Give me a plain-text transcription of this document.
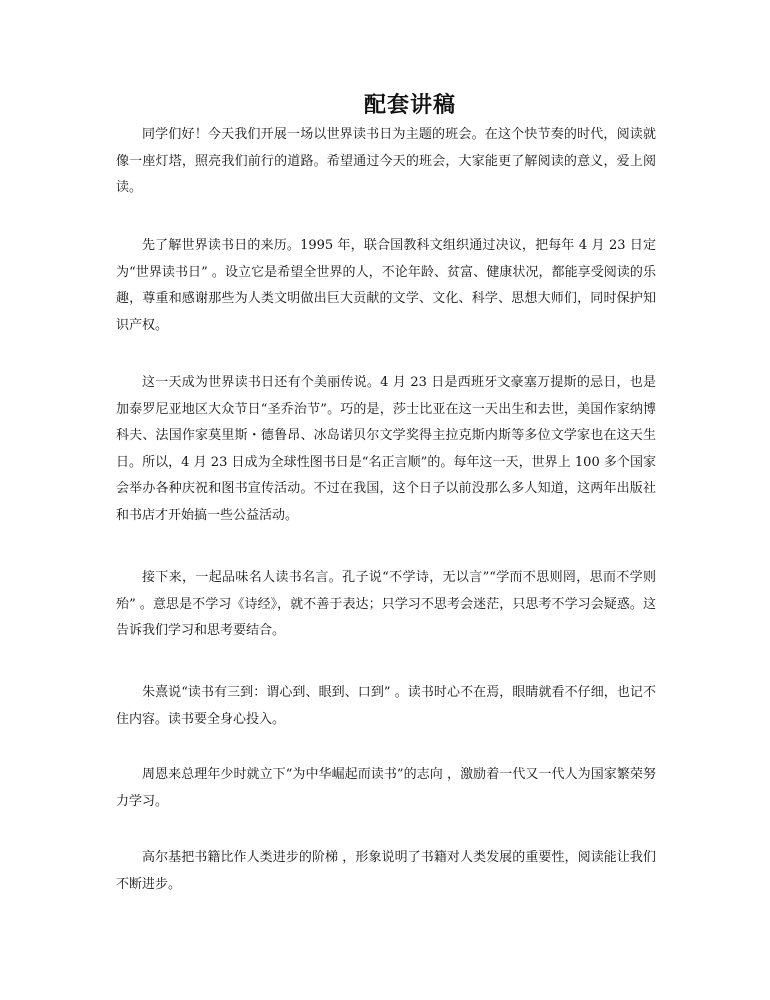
配套讲稿

同学们好！今天我们开展一场以世界读书日为主题的班会。在这个快节奏的时代，阅读就像一座灯塔，照亮我们前行的道路。希望通过今天的班会，大家能更了解阅读的意义，爱上阅读。

先了解世界读书日的来历。1995 年，联合国教科文组织通过决议，把每年 4 月 23 日定为“世界读书日” 。设立它是希望全世界的人，不论年龄、贫富、健康状况，都能享受阅读的乐趣，尊重和感谢那些为人类文明做出巨大贡献的文学、文化、科学、思想大师们，同时保护知识产权。

这一天成为世界读书日还有个美丽传说。4 月 23 日是西班牙文豪塞万提斯的忌日，也是加泰罗尼亚地区大众节日“圣乔治节”。巧的是，莎士比亚在这一天出生和去世，美国作家纳博科夫、法国作家莫里斯・德鲁昂、冰岛诺贝尔文学奖得主拉克斯内斯等多位文学家也在这天生日。所以，4 月 23 日成为全球性图书日是“名正言顺”的。每年这一天，世界上 100 多个国家会举办各种庆祝和图书宣传活动。不过在我国，这个日子以前没那么多人知道，这两年出版社和书店才开始搞一些公益活动。

接下来，一起品味名人读书名言。孔子说“不学诗，无以言”“学而不思则罔，思而不学则殆” 。意思是不学习《诗经》，就不善于表达；只学习不思考会迷茫，只思考不学习会疑惑。这告诉我们学习和思考要结合。

朱熹说“读书有三到：谓心到、眼到、口到” 。读书时心不在焉，眼睛就看不仔细，也记不住内容。读书要全身心投入。

周恩来总理年少时就立下“为中华崛起而读书”的志向 ，激励着一代又一代人为国家繁荣努力学习。

高尔基把书籍比作人类进步的阶梯 ，形象说明了书籍对人类发展的重要性，阅读能让我们不断进步。
